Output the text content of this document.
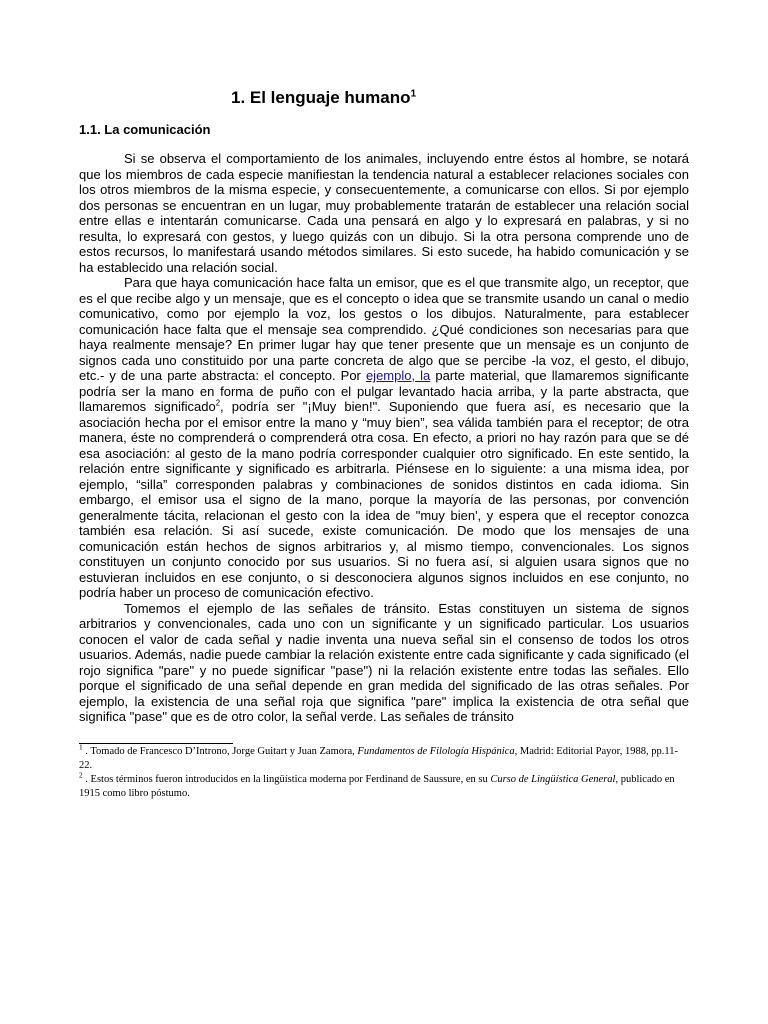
1. El lenguaje humano$^1$
1.1. La comunicación

Si se observa el comportamiento de los animales, incluyendo entre éstos al hombre, se notará que los miembros de cada especie manifiestan la tendencia natural a establecer relaciones sociales con los otros miembros de la misma especie, y consecuentemente, a comunicarse con ellos. Si por ejemplo dos personas se encuentran en un lugar, muy probablemente tratarán de establecer una relación social entre ellas e intentarán comunicarse. Cada una pensará en algo y lo expresará en palabras, y si no resulta, lo expresará con gestos, y luego quizás con un dibujo. Si la otra persona comprende uno de estos recursos, lo manifestará usando métodos similares. Si esto sucede, ha habido comunicación y se ha establecido una relación social.

Para que haya comunicación hace falta un emisor, que es el que transmite algo, un receptor, que es el que recibe algo y un mensaje, que es el concepto o idea que se transmite usando un canal o medio comunicativo, como por ejemplo la voz, los gestos o los dibujos. Naturalmente, para establecer comunicación hace falta que el mensaje sea comprendido. ¿Qué condiciones son necesarias para que haya realmente mensaje? En primer lugar hay que tener presente que un mensaje es un conjunto de signos cada uno constituido por una parte concreta de algo que se percibe -la voz, el gesto, el dibujo, etc.- y de una parte abstracta: el concepto. Por ejemplo, la parte material, que llamaremos significante podría ser la mano en forma de puño con el pulgar levantado hacia arriba, y la parte abstracta, que llamaremos significado$^2$, podría ser "¡Muy bien!". Suponiendo que fuera así, es necesario que la asociación hecha por el emisor entre la mano y “muy bien”, sea válida también para el receptor; de otra manera, éste no comprenderá o comprenderá otra cosa. En efecto, a priori no hay razón para que se dé esa asociación: al gesto de la mano podría corresponder cualquier otro significado. En este sentido, la relación entre significante y significado es arbitrarla. Piénsese en lo siguiente: a una misma idea, por ejemplo, “silla” corresponden palabras y combinaciones de sonidos distintos en cada idioma. Sin embargo, el emisor usa el signo de la mano, porque la mayoría de las personas, por convención generalmente tácita, relacionan el gesto con la idea de "muy bien', y espera que el receptor conozca también esa relación. Si así sucede, existe comunicación. De modo que los mensajes de una comunicación están hechos de signos arbitrarios y, al mismo tiempo, convencionales. Los signos constituyen un conjunto conocido por sus usuarios. Si no fuera así, si alguien usara signos que no estuvieran incluidos en ese conjunto, o si desconociera algunos signos incluidos en ese conjunto, no podría haber un proceso de comunicación efectivo.

Tomemos el ejemplo de las señales de tránsito. Estas constituyen un sistema de signos arbitrarios y convencionales, cada uno con un significante y un significado particular. Los usuarios conocen el valor de cada señal y nadie inventa una nueva señal sin el consenso de todos los otros usuarios. Además, nadie puede cambiar la relación existente entre cada significante y cada significado (el rojo significa "pare" y no puede significar "pase") ni la relación existente entre todas las señales. Ello porque el significado de una señal depende en gran medida del significado de las otras señales. Por ejemplo, la existencia de una señal roja que significa "pare" implica la existencia de otra señal que significa "pase" que es de otro color, la señal verde. Las señales de tránsito

$^1$ . Tomado de Francesco D’Introno, Jorge Guitart y Juan Zamora, Fundamentos de Filología Hispánica, Madrid: Editorial Payor, 1988, pp.11-22.
$^2$ . Estos términos fueron introducidos en la lingüística moderna por Ferdinand de Saussure, en su Curso de Lingüística General, publicado en 1915 como libro póstumo.
